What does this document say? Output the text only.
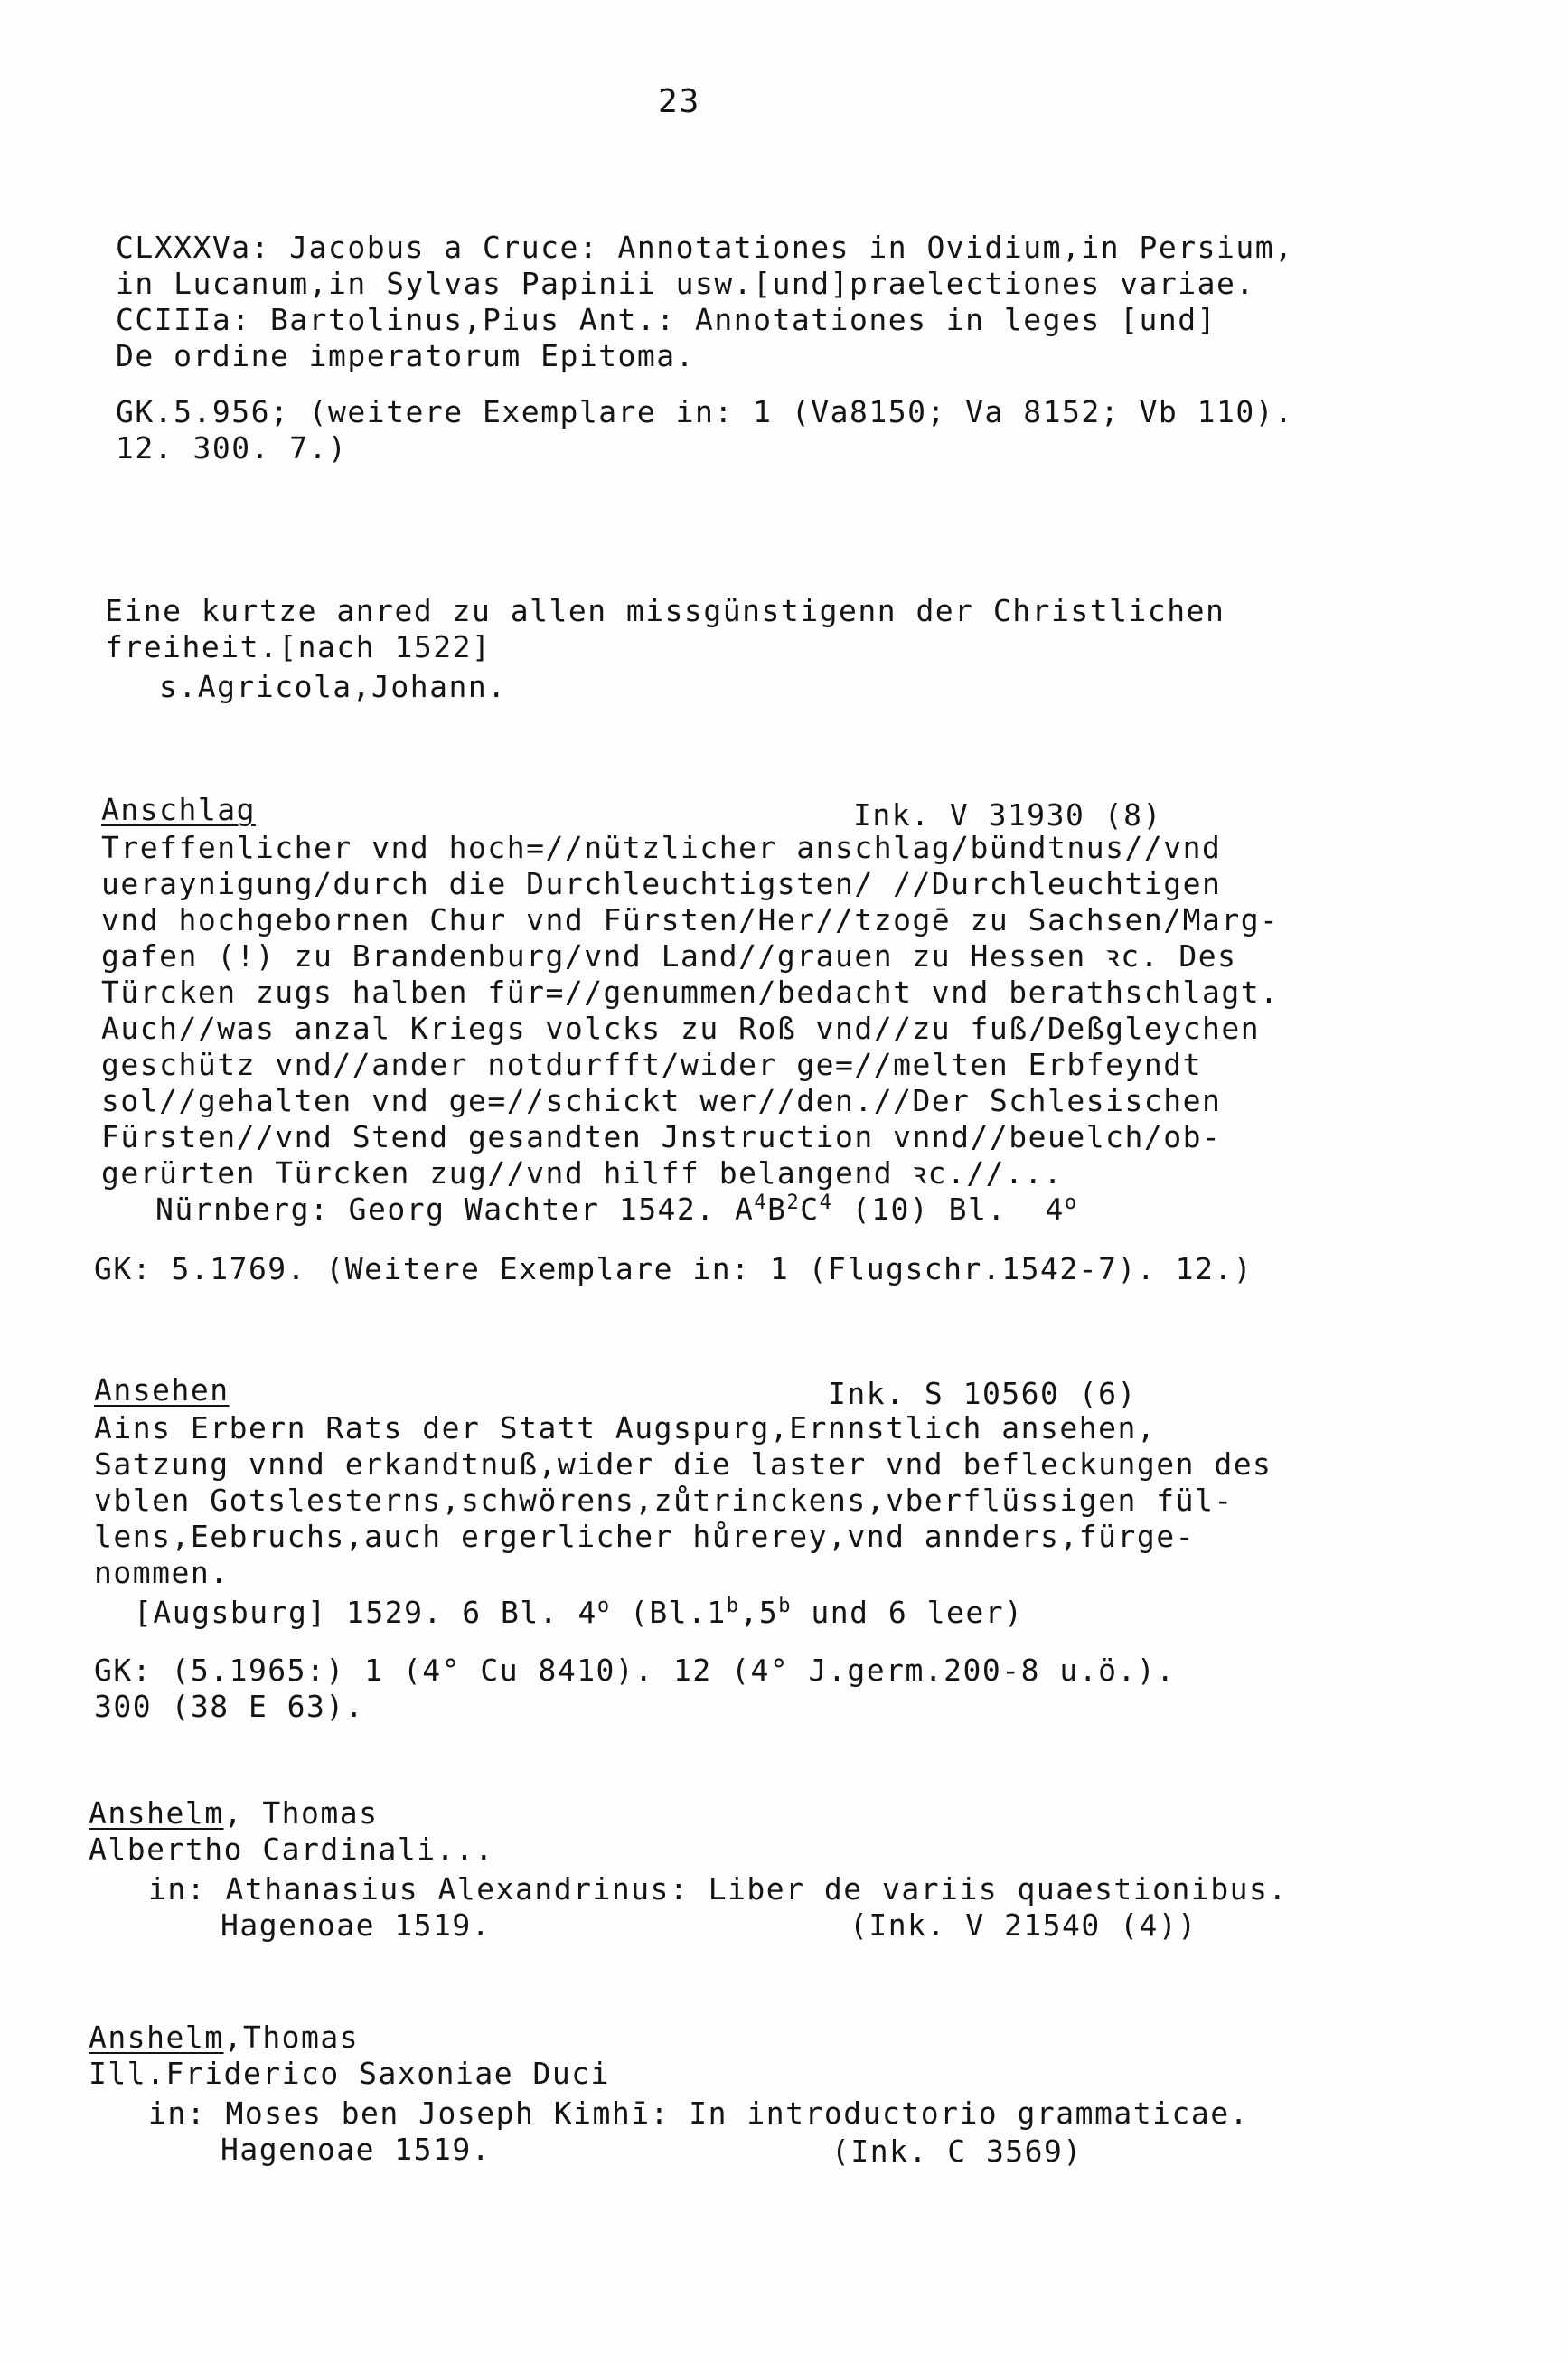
23
CLXXXVa: Jacobus a Cruce: Annotationes in Ovidium,in Persium,
in Lucanum,in Sylvas Papinii usw.[und]praelectiones variae.
CCIIIa: Bartolinus,Pius Ant.: Annotationes in leges [und]
De ordine imperatorum Epitoma.
GK.5.956; (weitere Exemplare in: 1 (Va8150; Va 8152; Vb 110).
12. 300. 7.)
Eine kurtze anred zu allen missgünstigenn der Christlichen
freiheit.[nach 1522]
s.Agricola,Johann.
Anschlag	Ink. V 31930 (8)
Treffenlicher vnd hoch=//nützlicher anschlag/bündtnus//vnd
ueraynigung/durch die Durchleuchtigsten/ //Durchleuchtigen
vnd hochgebornen Chur vnd Fürsten/Her//tzogē zu Sachsen/Marg-
gafen (!) zu Brandenburg/vnd Land//grauen zu Hessen ꝛc. Des
Türcken zugs halben für=//genummen/bedacht vnd berathschlagt.
Auch//was anzal Kriegs volcks zu Roß vnd//zu fuß/Deßgleychen
geschütz vnd//ander notdurfft/wider ge=//melten Erbfeyndt
sol//gehalten vnd ge=//schickt wer//den.//Der Schlesischen
Fürsten//vnd Stend gesandten Jnstruction vnnd//beuelch/ob-
gerürten Türcken zug//vnd hilff belangend ꝛc.//...
Nürnberg: Georg Wachter 1542. $A^4B^2C^4$ (10) Bl.  4$^o$
GK: 5.1769. (Weitere Exemplare in: 1 (Flugschr.1542-7). 12.)
Ansehen	Ink. S 10560 (6)
Ains Erbern Rats der Statt Augspurg,Ernnstlich ansehen,
Satzung vnnd erkandtnuß,wider die laster vnd befleckungen des
vblen Gotslesterns,schwörens,zůtrinckens,vberflüssigen fül-
lens,Eebruchs,auch ergerlicher hůrerey,vnd annders,fürge-
nommen.
[Augsburg] 1529. 6 Bl. 4$^o$ (Bl.1$^b$,5$^b$ und 6 leer)
GK: (5.1965:) 1 (4° Cu 8410). 12 (4° J.germ.200-8 u.ö.).
300 (38 E 63).
Anshelm, Thomas
Albertho Cardinali...
in: Athanasius Alexandrinus: Liber de variis quaestionibus.
Hagenoae 1519.	(Ink. V 21540 (4))
Anshelm,Thomas
Ill.Friderico Saxoniae Duci
in: Moses ben Joseph Kimhī: In introductorio grammaticae.
Hagenoae 1519.	(Ink. C 3569)
